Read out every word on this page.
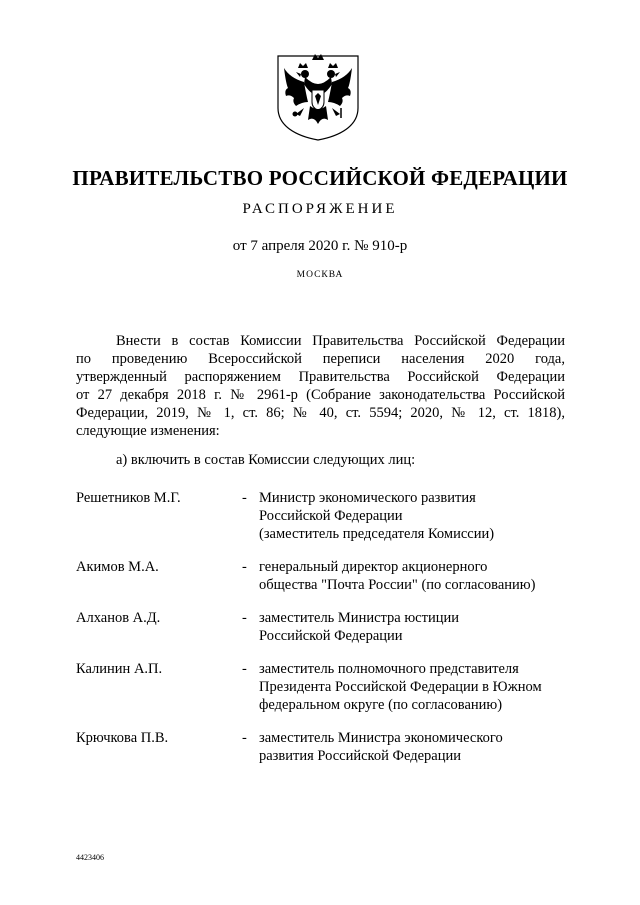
ПРАВИТЕЛЬСТВО РОССИЙСКОЙ ФЕДЕРАЦИИ
РАСПОРЯЖЕНИЕ
от 7 апреля 2020 г. № 910-р
МОСКВА
Внести в состав Комиссии Правительства Российской Федерации
по проведению Всероссийской переписи населения 2020 года,
утвержденный распоряжением Правительства Российской Федерации
от 27 декабря 2018 г. № 2961-р (Собрание законодательства Российской
Федерации, 2019, № 1, ст. 86; № 40, ст. 5594; 2020, № 12, ст. 1818),
следующие изменения:
а) включить в состав Комиссии следующих лиц:
Решетников М.Г.	- Министр экономического развития
Российской Федерации
(заместитель председателя Комиссии)
Акимов М.А.	- генеральный директор акционерного
общества "Почта России" (по согласованию)
Алханов А.Д.	- заместитель Министра юстиции
Российской Федерации
Калинин А.П.	- заместитель полномочного представителя
Президента Российской Федерации в Южном
федеральном округе (по согласованию)
Крючкова П.В.	- заместитель Министра экономического
развития Российской Федерации
4423406
